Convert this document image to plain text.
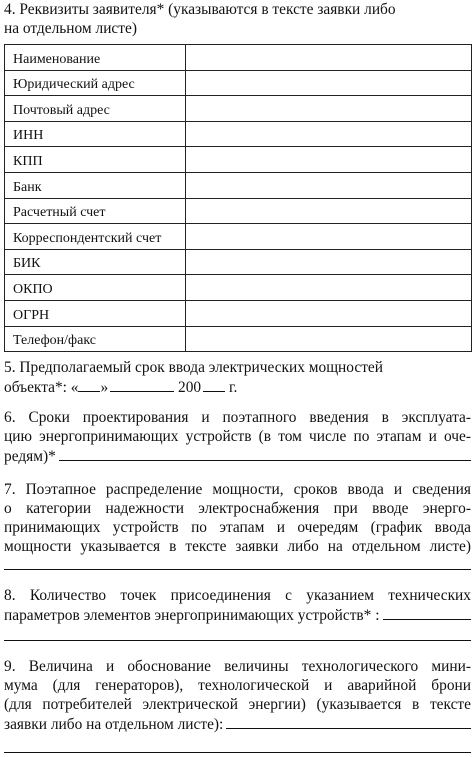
4. Реквизиты заявителя* (указываются в тексте заявки либо
на отдельном листе)
Наименование	
Юридический адрес	
Почтовый адрес	
ИНН	
КПП	
Банк	
Расчетный счет	
Корреспондентский счет	
БИК	
ОКПО	
ОГРН	
Телефон/факс	
5. Предполагаемый срок ввода электрических мощностей
объекта*: « »	200 г.
6. Сроки проектирования и поэтапного введения в эксплуата-
цию энергопринимающих устройств (в том числе по этапам и оче-
редям)*
7. Поэтапное распределение мощности, сроков ввода и сведения
о категории надежности электроснабжения при вводе энерго-
принимающих устройств по этапам и очередям (график ввода
мощности указывается в тексте заявки либо на отдельном листе)
8. Количество точек присоединения с указанием технических
параметров элементов энергопринимающих устройств* :
9. Величина и обоснование величины технологического мини-
мума (для генераторов), технологической и аварийной брони
(для потребителей электрической энергии) (указывается в тексте
заявки либо на отдельном листе):
